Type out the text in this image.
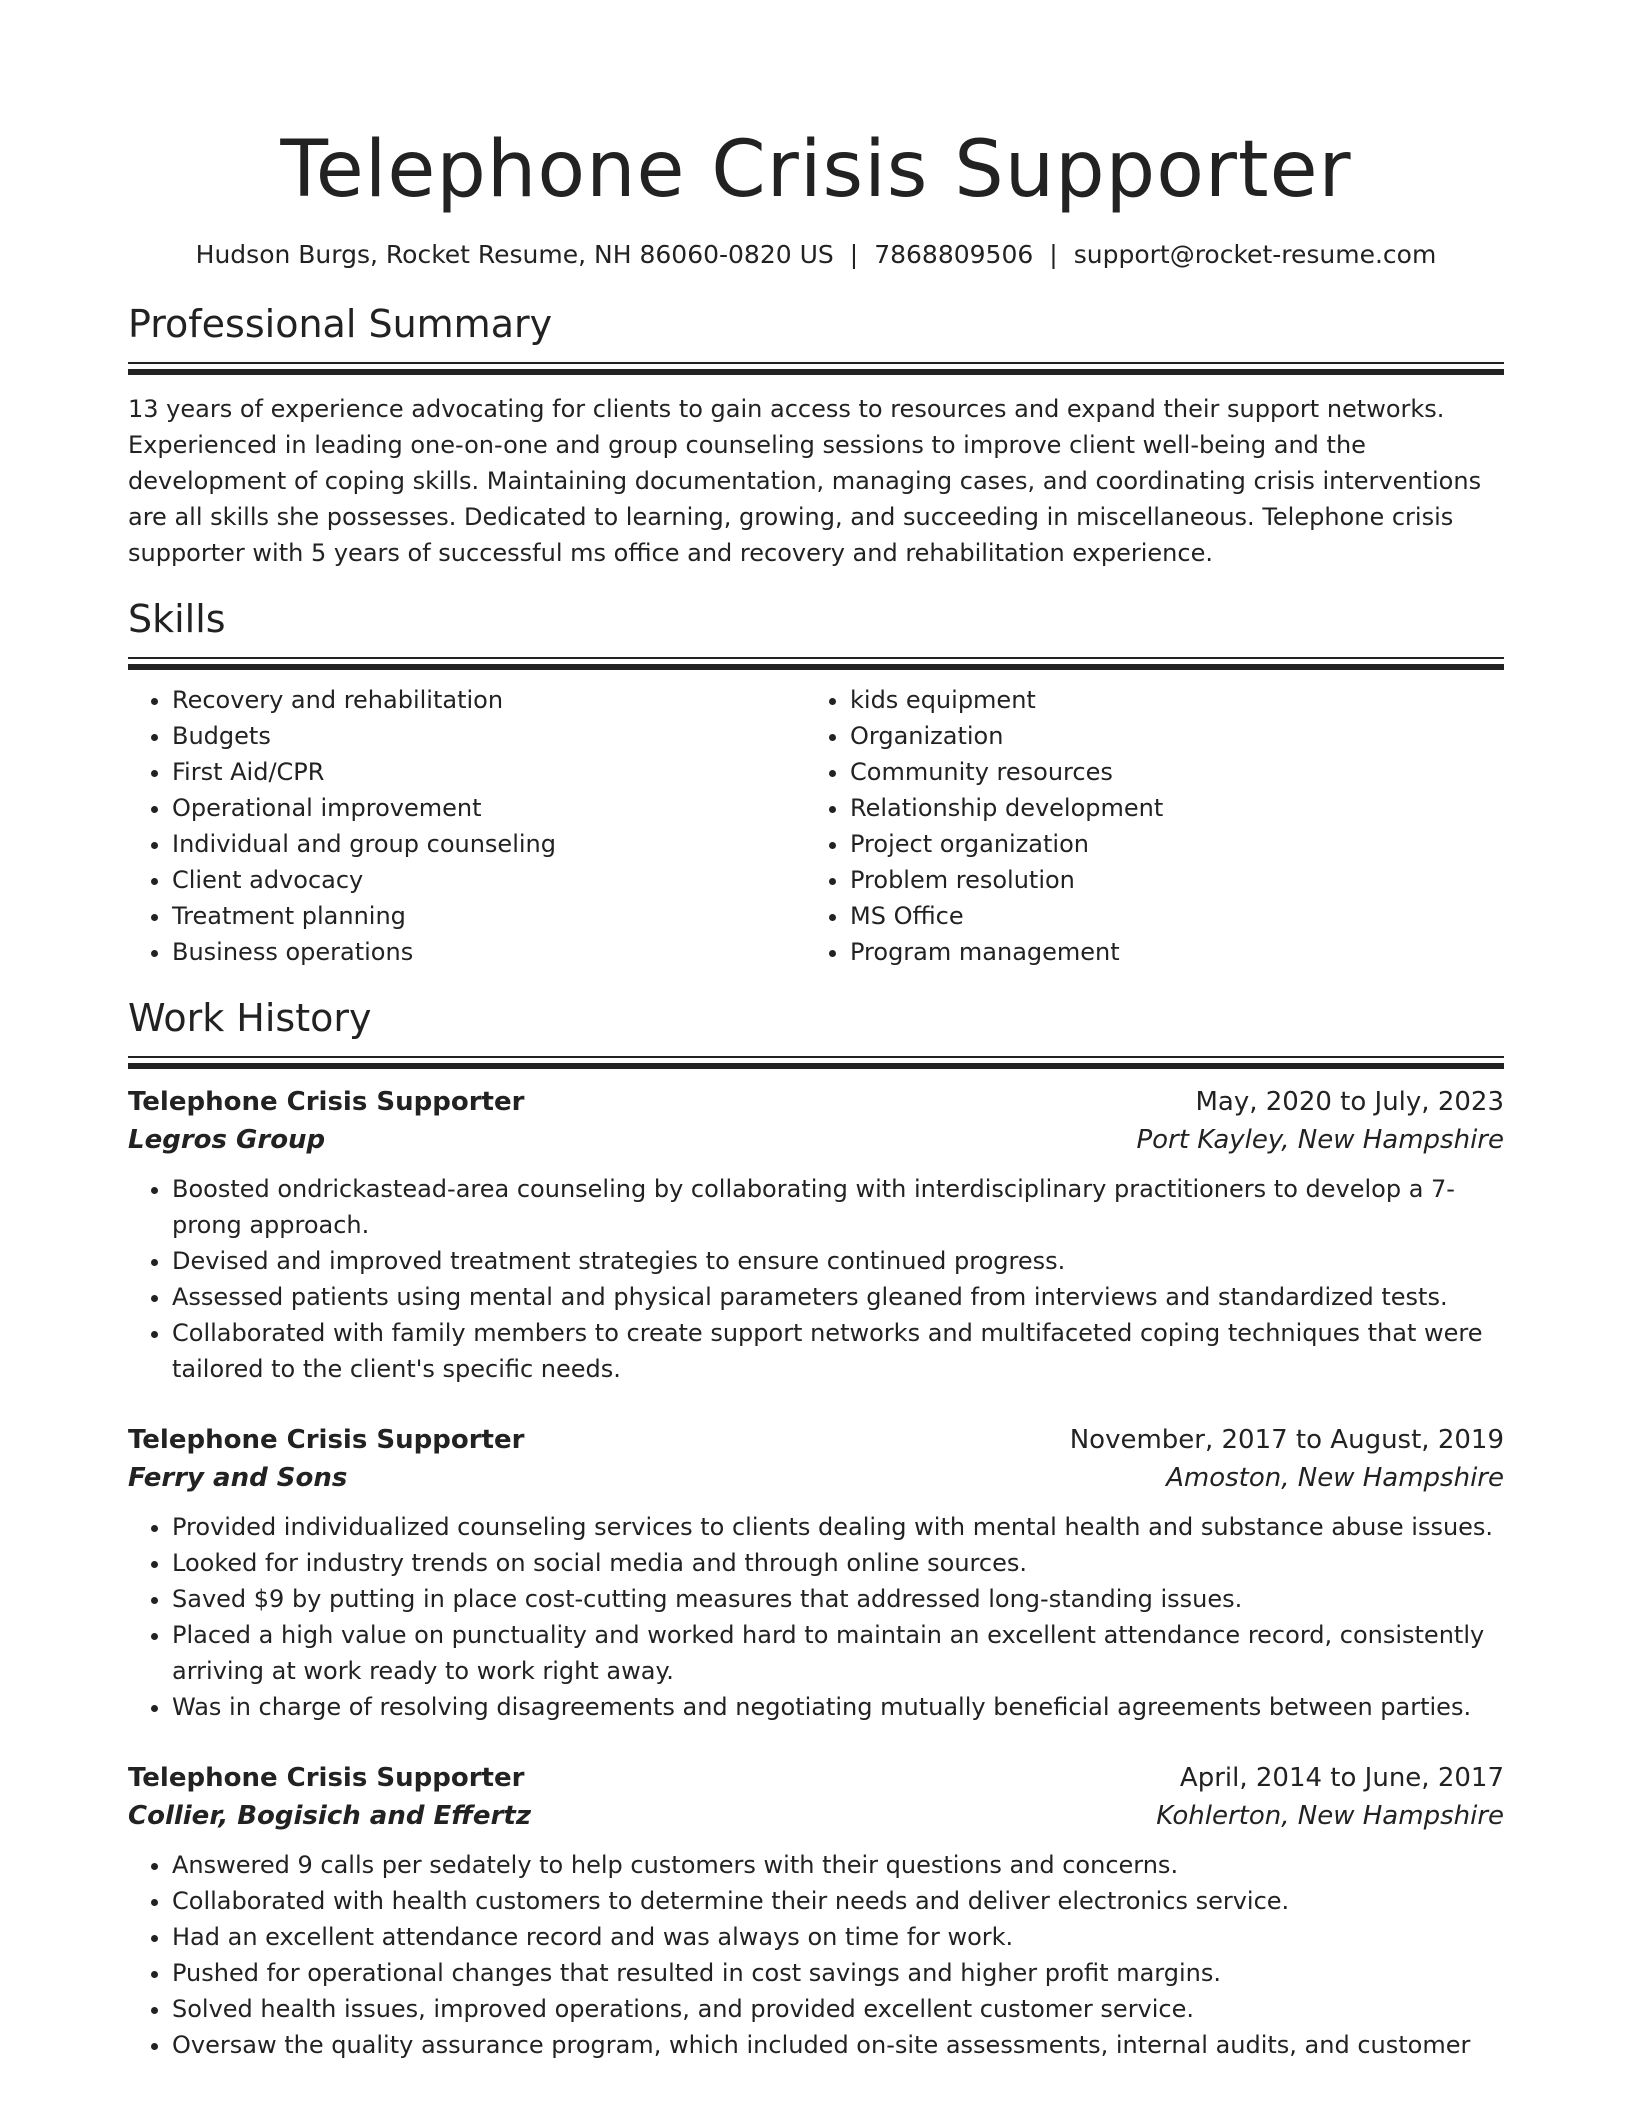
Telephone Crisis Supporter
Hudson Burgs, Rocket Resume, NH 86060-0820 US | 7868809506 | support@rocket-resume.com
Professional Summary

13 years of experience advocating for clients to gain access to resources and expand their support networks. Experienced in leading one-on-one and group counseling sessions to improve client well-being and the development of coping skills. Maintaining documentation, managing cases, and coordinating crisis interventions are all skills she possesses. Dedicated to learning, growing, and succeeding in miscellaneous. Telephone crisis supporter with 5 years of successful ms office and recovery and rehabilitation experience.

Skills
• Recovery and rehabilitation
• Budgets
• First Aid/CPR
• Operational improvement
• Individual and group counseling
• Client advocacy
• Treatment planning
• Business operations
• kids equipment
• Organization
• Community resources
• Relationship development
• Project organization
• Problem resolution
• MS Office
• Program management
Work History
Telephone Crisis Supporter	May, 2020 to July, 2023
Legros Group	Port Kayley, New Hampshire
• Boosted ondrickastead-area counseling by collaborating with interdisciplinary practitioners to develop a 7-prong approach.
• Devised and improved treatment strategies to ensure continued progress.
• Assessed patients using mental and physical parameters gleaned from interviews and standardized tests.
• Collaborated with family members to create support networks and multifaceted coping techniques that were tailored to the client's specific needs.
Telephone Crisis Supporter	November, 2017 to August, 2019
Ferry and Sons	Amoston, New Hampshire
• Provided individualized counseling services to clients dealing with mental health and substance abuse issues.
• Looked for industry trends on social media and through online sources.
• Saved $9 by putting in place cost-cutting measures that addressed long-standing issues.
• Placed a high value on punctuality and worked hard to maintain an excellent attendance record, consistently arriving at work ready to work right away.
• Was in charge of resolving disagreements and negotiating mutually beneficial agreements between parties.
Telephone Crisis Supporter	April, 2014 to June, 2017
Collier, Bogisich and Effertz	Kohlerton, New Hampshire
• Answered 9 calls per sedately to help customers with their questions and concerns.
• Collaborated with health customers to determine their needs and deliver electronics service.
• Had an excellent attendance record and was always on time for work.
• Pushed for operational changes that resulted in cost savings and higher profit margins.
• Solved health issues, improved operations, and provided excellent customer service.
• Oversaw the quality assurance program, which included on-site assessments, internal audits, and customer
